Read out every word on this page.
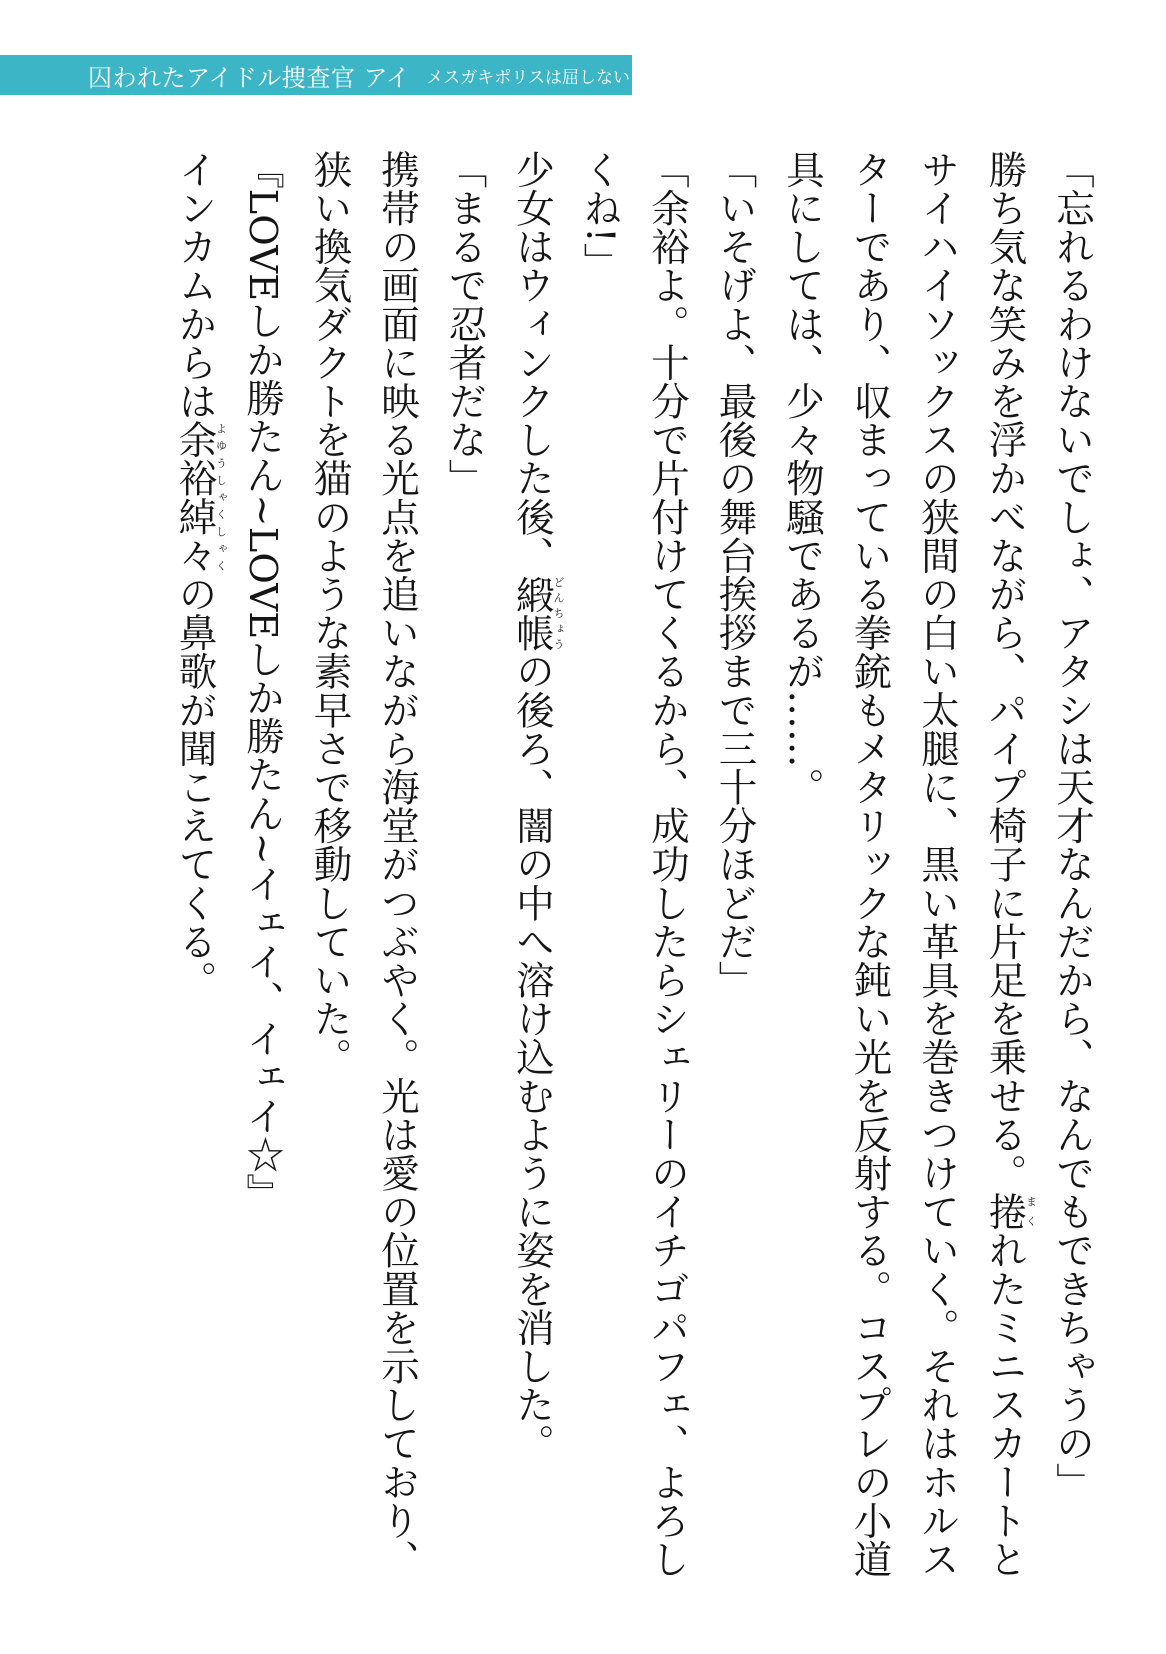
囚われたアイドル捜査官 アイ メスガキポリスは屈しない!
「忘れるわけないでしょ、アタシは天才なんだから、なんでもできちゃうの」
勝ち気な笑みを浮かべながら、パイプ椅子に片足を乗せる。捲まくれたミニスカートとサイハイソックスの狭間の白い太腿に、黒い革具を巻きつけていく。それはホルスターであり、収まっている拳銃もメタリックな鈍い光を反射する。コスプレの小道具にしては、少々物騒であるが……。
「いそげよ、最後の舞台挨拶まで三十分ほどだ」
「余裕よ。十分で片付けてくるから、成功したらシェリーのイチゴパフェ、よろしくね!」
少女はウィンクした後、緞帳どんちょうの後ろ、闇の中へ溶け込むように姿を消した。
「まるで忍者だな」
携帯の画面に映る光点を追いながら海堂がつぶやく。光は愛の位置を示しており、狭い換気ダクトを猫のような素早さで移動していた。
『LOVEしか勝たん~LOVEしか勝たん~イェイ、イェイ☆』
インカムからは余裕綽々よゆうしゃくしゃくの鼻歌が聞こえてくる。
